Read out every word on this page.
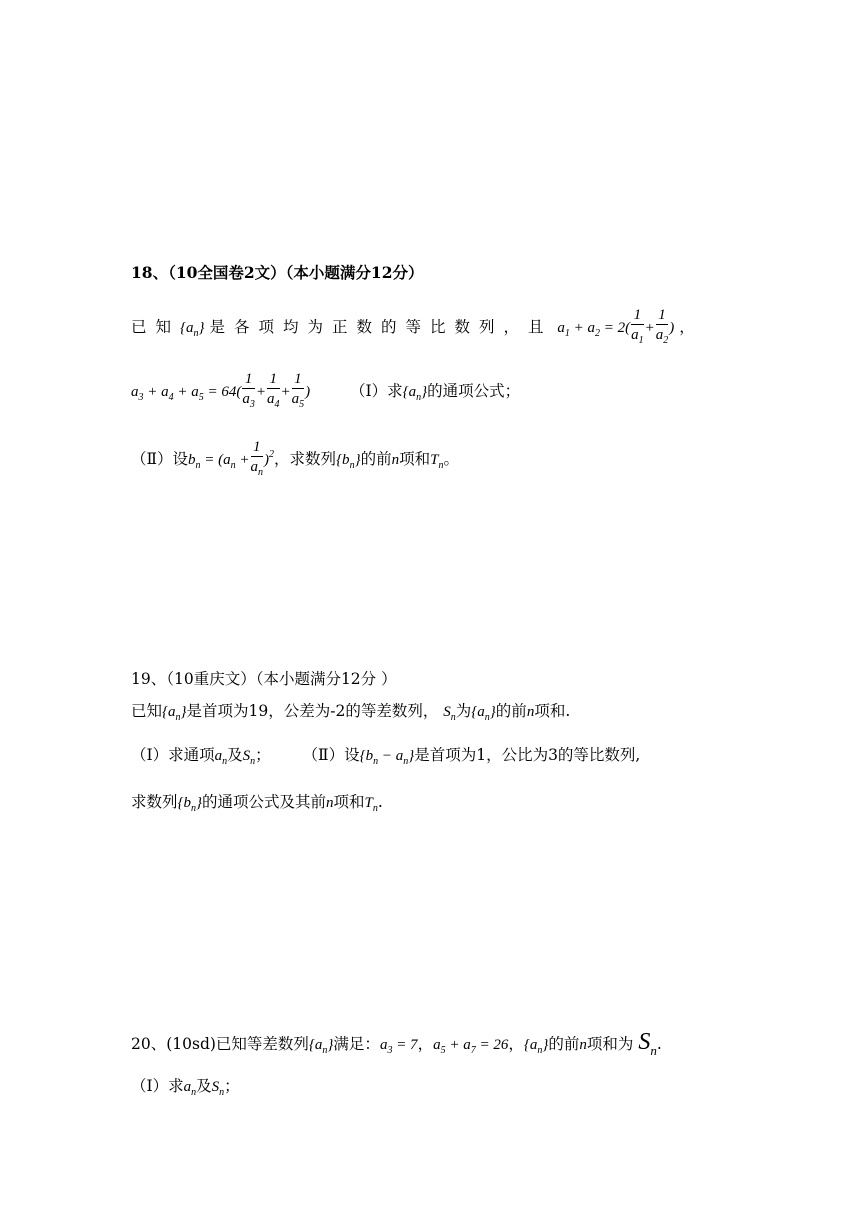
18、（10全国卷2文）（本小题满分12分）
已知$\{a_n\}$ 是各项均为正数的等比数列，且 $a_1 + a_2 = 2( \frac{1}{a_1} + \frac{1}{a_2}$ ) ，
$a_3 + a_4 + a_5 = 64( \frac{1}{a_3} + \frac{1}{a_4} + \frac{1}{a_5}$ )	（Ⅰ）求$\{a_n\}$的通项公式；
（Ⅱ）设$b_n = (a_n + \frac{1}{a_n} )^2$，求数列$\{b_n\}$的前n项和$T_n$。
19、（10重庆文）（本小题满分12分 ）
已知$\{a_n\}$是首项为19，公差为-2的等差数列， $S_n$为$\{a_n\}$的前n项和.
（Ⅰ）求通项$a_n$及$S_n$； （Ⅱ）设$\{b_n - a_n\}$是首项为1，公比为3的等比数列,
求数列$\{b_n\}$的通项公式及其前n项和$T_n$.
20、(10sd)已知等差数列$\{a_n\}$满足：$a_3 = 7$，$a_5 + a_7 = 26$，$\{a_n\}$的前n项和为 $S_n$.
（Ⅰ）求$a_n$及$S_n$；
